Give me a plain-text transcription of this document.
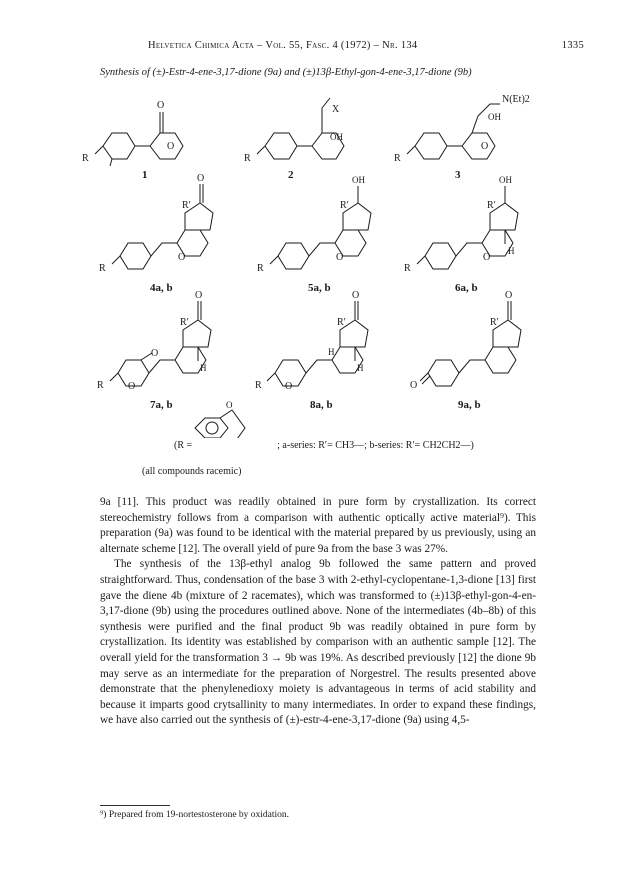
Helvetica Chimica Acta – Vol. 55, Fasc. 4 (1972) – Nr. 134	1335
Synthesis of (±)-Estr-4-ene-3,17-dione (9a) and (±)13β-Ethyl-gon-4-ene-3,17-dione (9b)
O
O
R
1
X
OH
R
2
N(Et)2
OH
O
R
3
O
R′
O
R
4a, b
OH
R′
O
R
5a, b
OH
R′
H
O
R
6a, b
O
R′
H
O
O
R
7a, b
O
R′
H
H
O
R
8a, b
O
R′
O
9a, b
O
(R =	; a-series: R′= CH3—; b-series: R′= CH2CH2—)
(all compounds racemic)

9a [11]. This product was readily obtained in pure form by crystallization. Its correct stereochemistry follows from a comparison with authentic optically active material⁹). This preparation (9a) was found to be identical with the material prepared by us previously, using an alternate scheme [12]. The overall yield of pure 9a from the base 3 was 27%.

The synthesis of the 13β-ethyl analog 9b followed the same pattern and proved straightforward. Thus, condensation of the base 3 with 2-ethyl-cyclopentane-1,3-dione [13] first gave the diene 4b (mixture of 2 racemates), which was transformed to (±)13β-ethyl-gon-4-en-3,17-dione (9b) using the procedures outlined above. None of the intermediates (4b–8b) of this synthesis were purified and the final product 9b was readily obtained in pure form by crystallization. Its identity was established by comparison with an authentic sample [12]. The overall yield for the transformation 3 → 9b was 19%. As described previously [12] the dione 9b may serve as an intermediate for the preparation of Norgestrel. The results presented above demonstrate that the phenylenedioxy moiety is advantageous in terms of acid stability and because it imparts good crytsallinity to many intermediates. In order to expand these findings, we have also carried out the synthesis of (±)-estr-4-ene-3,17-dione (9a) using 4,5-

⁹) Prepared from 19-nortestosterone by oxidation.
